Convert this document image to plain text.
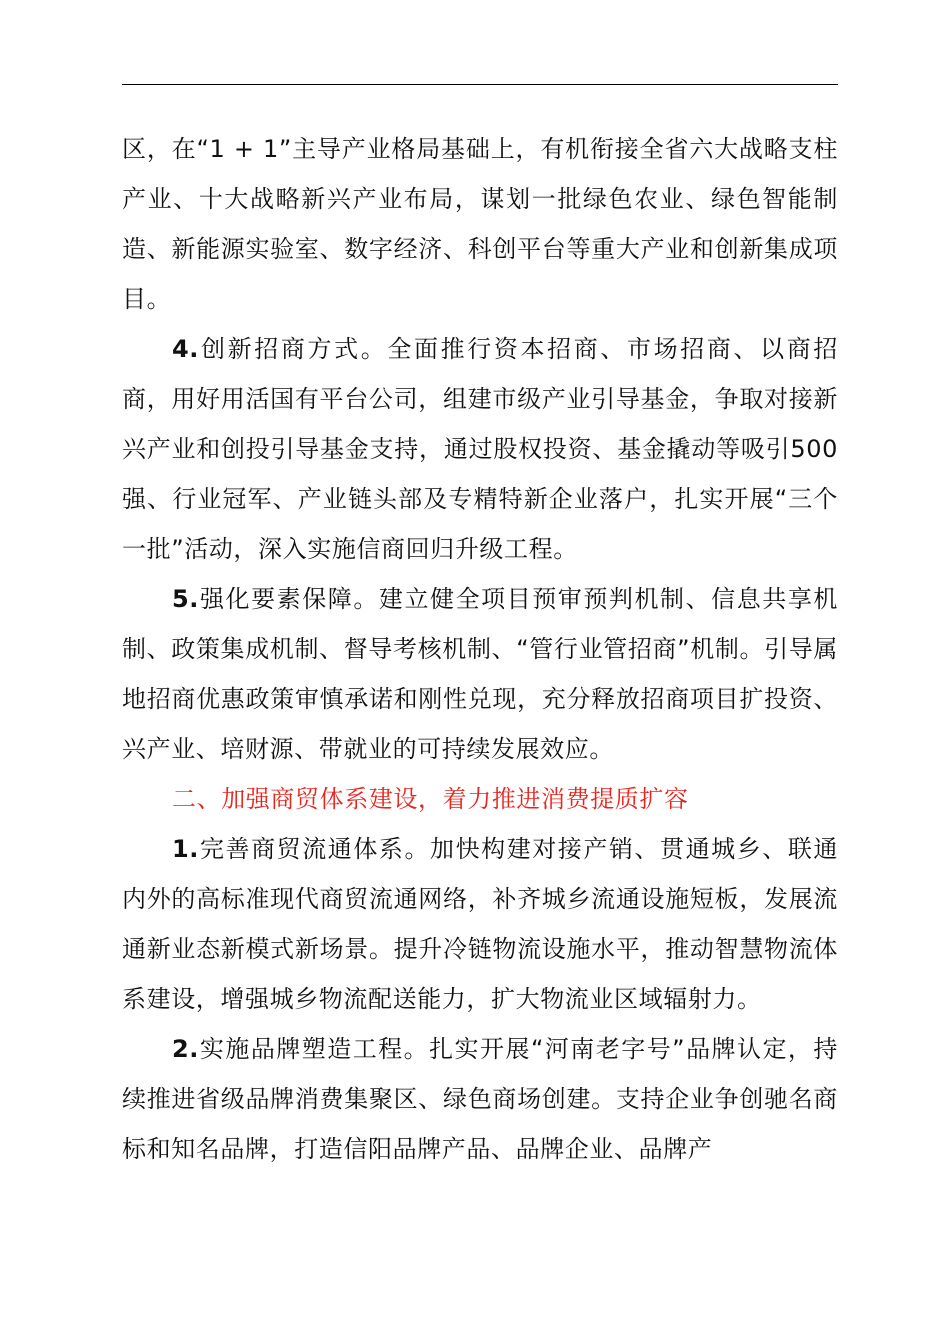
区，在“1 + 1”主导产业格局基础上，有机衔接全省六大战略支柱产业、十大战略新兴产业布局，谋划一批绿色农业、绿色智能制造、新能源实验室、数字经济、科创平台等重大产业和创新集成项目。

4.创新招商方式。全面推行资本招商、市场招商、以商招商，用好用活国有平台公司，组建市级产业引导基金，争取对接新兴产业和创投引导基金支持，通过股权投资、基金撬动等吸引500强、行业冠军、产业链头部及专精特新企业落户，扎实开展“三个一批”活动，深入实施信商回归升级工程。

5.强化要素保障。建立健全项目预审预判机制、信息共享机制、政策集成机制、督导考核机制、“管行业管招商”机制。引导属地招商优惠政策审慎承诺和刚性兑现，充分释放招商项目扩投资、兴产业、培财源、带就业的可持续发展效应。

二、加强商贸体系建设，着力推进消费提质扩容

1.完善商贸流通体系。加快构建对接产销、贯通城乡、联通内外的高标准现代商贸流通网络，补齐城乡流通设施短板，发展流通新业态新模式新场景。提升冷链物流设施水平，推动智慧物流体系建设，增强城乡物流配送能力，扩大物流业区域辐射力。

2.实施品牌塑造工程。扎实开展“河南老字号”品牌认定，持续推进省级品牌消费集聚区、绿色商场创建。支持企业争创驰名商标和知名品牌，打造信阳品牌产品、品牌企业、品牌产
